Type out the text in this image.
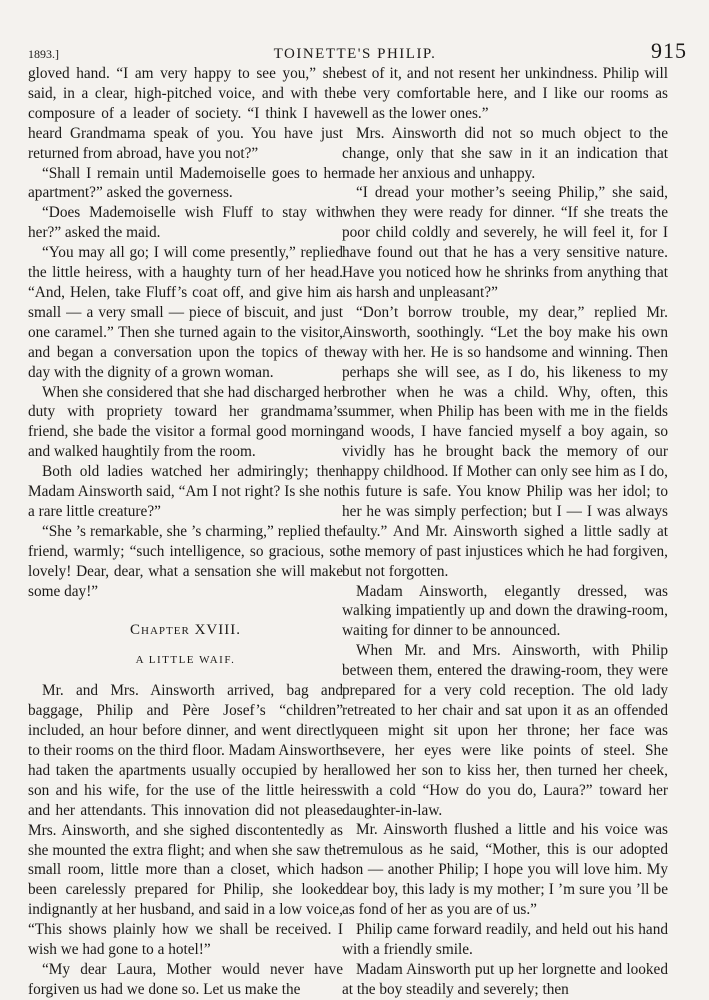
1893.]	TOINETTE'S PHILIP.	915

gloved hand. “I am very happy to see you,” she said, in a clear, high-pitched voice, and with the composure of a leader of society. “I think I have heard Grandmama speak of you. You have just returned from abroad, have you not?”

“Shall I remain until Mademoiselle goes to her apartment?” asked the governess.

“Does Mademoiselle wish Fluff to stay with her?” asked the maid.

“You may all go; I will come presently,” replied the little heiress, with a haughty turn of her head. “And, Helen, take Fluff’s coat off, and give him a small — a very small — piece of biscuit, and just one caramel.” Then she turned again to the visitor, and began a conversation upon the topics of the day with the dignity of a grown woman.

When she considered that she had discharged her duty with propriety toward her grandmama’s friend, she bade the visitor a formal good morning and walked haughtily from the room.

Both old ladies watched her admiringly; then Madam Ainsworth said, “Am I not right? Is she not a rare little creature?”

“She ’s remarkable, she ’s charming,” replied the friend, warmly; “such intelligence, so gracious, so lovely! Dear, dear, what a sensation she will make some day!”

Chapter XVIII.
A LITTLE WAIF.

Mr. and Mrs. Ainsworth arrived, bag and baggage, Philip and Père Josef’s “children” included, an hour before dinner, and went directly to their rooms on the third floor. Madam Ainsworth had taken the apartments usually occupied by her son and his wife, for the use of the little heiress and her attendants. This innovation did not please Mrs. Ainsworth, and she sighed discontentedly as she mounted the extra flight; and when she saw the small room, little more than a closet, which had been carelessly prepared for Philip, she looked indignantly at her husband, and said in a low voice, “This shows plainly how we shall be received. I wish we had gone to a hotel!”

“My dear Laura, Mother would never have forgiven us had we done so. Let us make the

best of it, and not resent her unkindness. Philip will be very comfortable here, and I like our rooms as well as the lower ones.”

Mrs. Ainsworth did not so much object to the change, only that she saw in it an indication that made her anxious and unhappy.

“I dread your mother’s seeing Philip,” she said, when they were ready for dinner. “If she treats the poor child coldly and severely, he will feel it, for I have found out that he has a very sensitive nature. Have you noticed how he shrinks from anything that is harsh and unpleasant?”

“Don’t borrow trouble, my dear,” replied Mr. Ainsworth, soothingly. “Let the boy make his own way with her. He is so handsome and winning. Then perhaps she will see, as I do, his likeness to my brother when he was a child. Why, often, this summer, when Philip has been with me in the fields and woods, I have fancied myself a boy again, so vividly has he brought back the memory of our happy childhood. If Mother can only see him as I do, his future is safe. You know Philip was her idol; to her he was simply perfection; but I — I was always faulty.” And Mr. Ainsworth sighed a little sadly at the memory of past injustices which he had forgiven, but not forgotten.

Madam Ainsworth, elegantly dressed, was walking impatiently up and down the drawing-room, waiting for dinner to be announced.

When Mr. and Mrs. Ainsworth, with Philip between them, entered the drawing-room, they were prepared for a very cold reception. The old lady retreated to her chair and sat upon it as an offended queen might sit upon her throne; her face was severe, her eyes were like points of steel. She allowed her son to kiss her, then turned her cheek, with a cold “How do you do, Laura?” toward her daughter-in-law.

Mr. Ainsworth flushed a little and his voice was tremulous as he said, “Mother, this is our adopted son — another Philip; I hope you will love him. My dear boy, this lady is my mother; I ’m sure you ’ll be as fond of her as you are of us.”

Philip came forward readily, and held out his hand with a friendly smile.

Madam Ainsworth put up her lorgnette and looked at the boy steadily and severely; then
